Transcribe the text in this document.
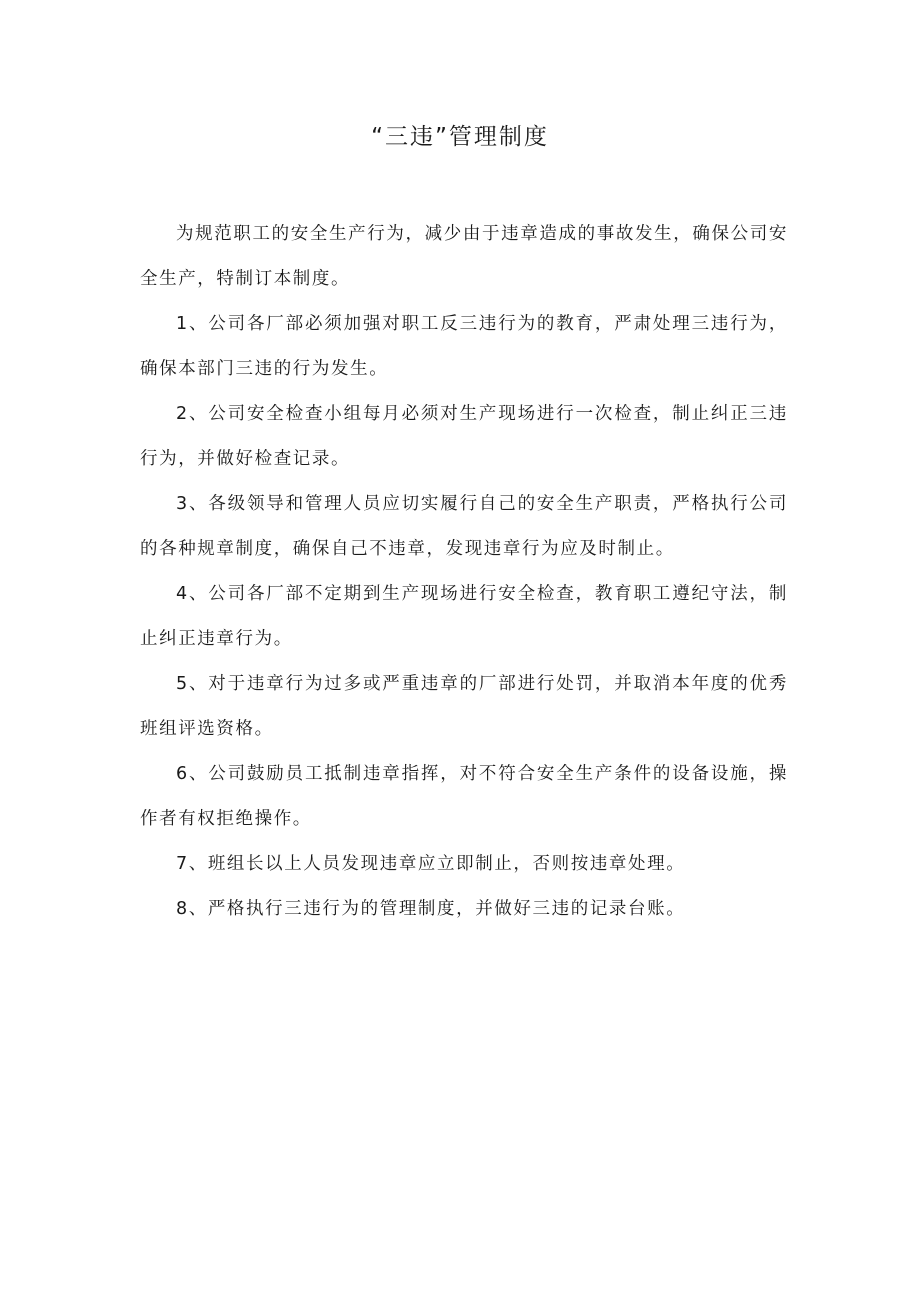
“三违”管理制度

为规范职工的安全生产行为，减少由于违章造成的事故发生，确保公司安全生产，特制订本制度。

1、公司各厂部必须加强对职工反三违行为的教育，严肃处理三违行为，确保本部门三违的行为发生。

2、公司安全检查小组每月必须对生产现场进行一次检查，制止纠正三违行为，并做好检查记录。

3、各级领导和管理人员应切实履行自己的安全生产职责，严格执行公司的各种规章制度，确保自己不违章，发现违章行为应及时制止。

4、公司各厂部不定期到生产现场进行安全检查，教育职工遵纪守法，制止纠正违章行为。

5、对于违章行为过多或严重违章的厂部进行处罚，并取消本年度的优秀班组评选资格。

6、公司鼓励员工抵制违章指挥，对不符合安全生产条件的设备设施，操作者有权拒绝操作。

7、班组长以上人员发现违章应立即制止，否则按违章处理。

8、严格执行三违行为的管理制度，并做好三违的记录台账。
